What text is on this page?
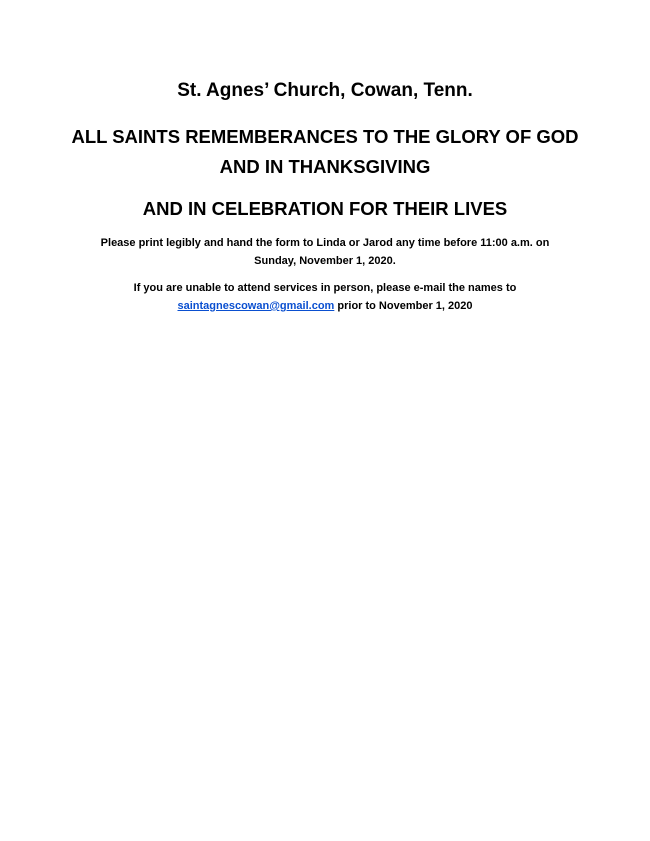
St. Agnes’ Church, Cowan, Tenn.

ALL SAINTS REMEMBERANCES TO THE GLORY OF GOD
AND IN THANKSGIVING

AND IN CELEBRATION FOR THEIR LIVES

Please print legibly and hand the form to Linda or Jarod any time before 11:00 a.m. on
Sunday, November 1, 2020.

If you are unable to attend services in person, please e-mail the names to
saintagnescowan@gmail.com prior to November 1, 2020
